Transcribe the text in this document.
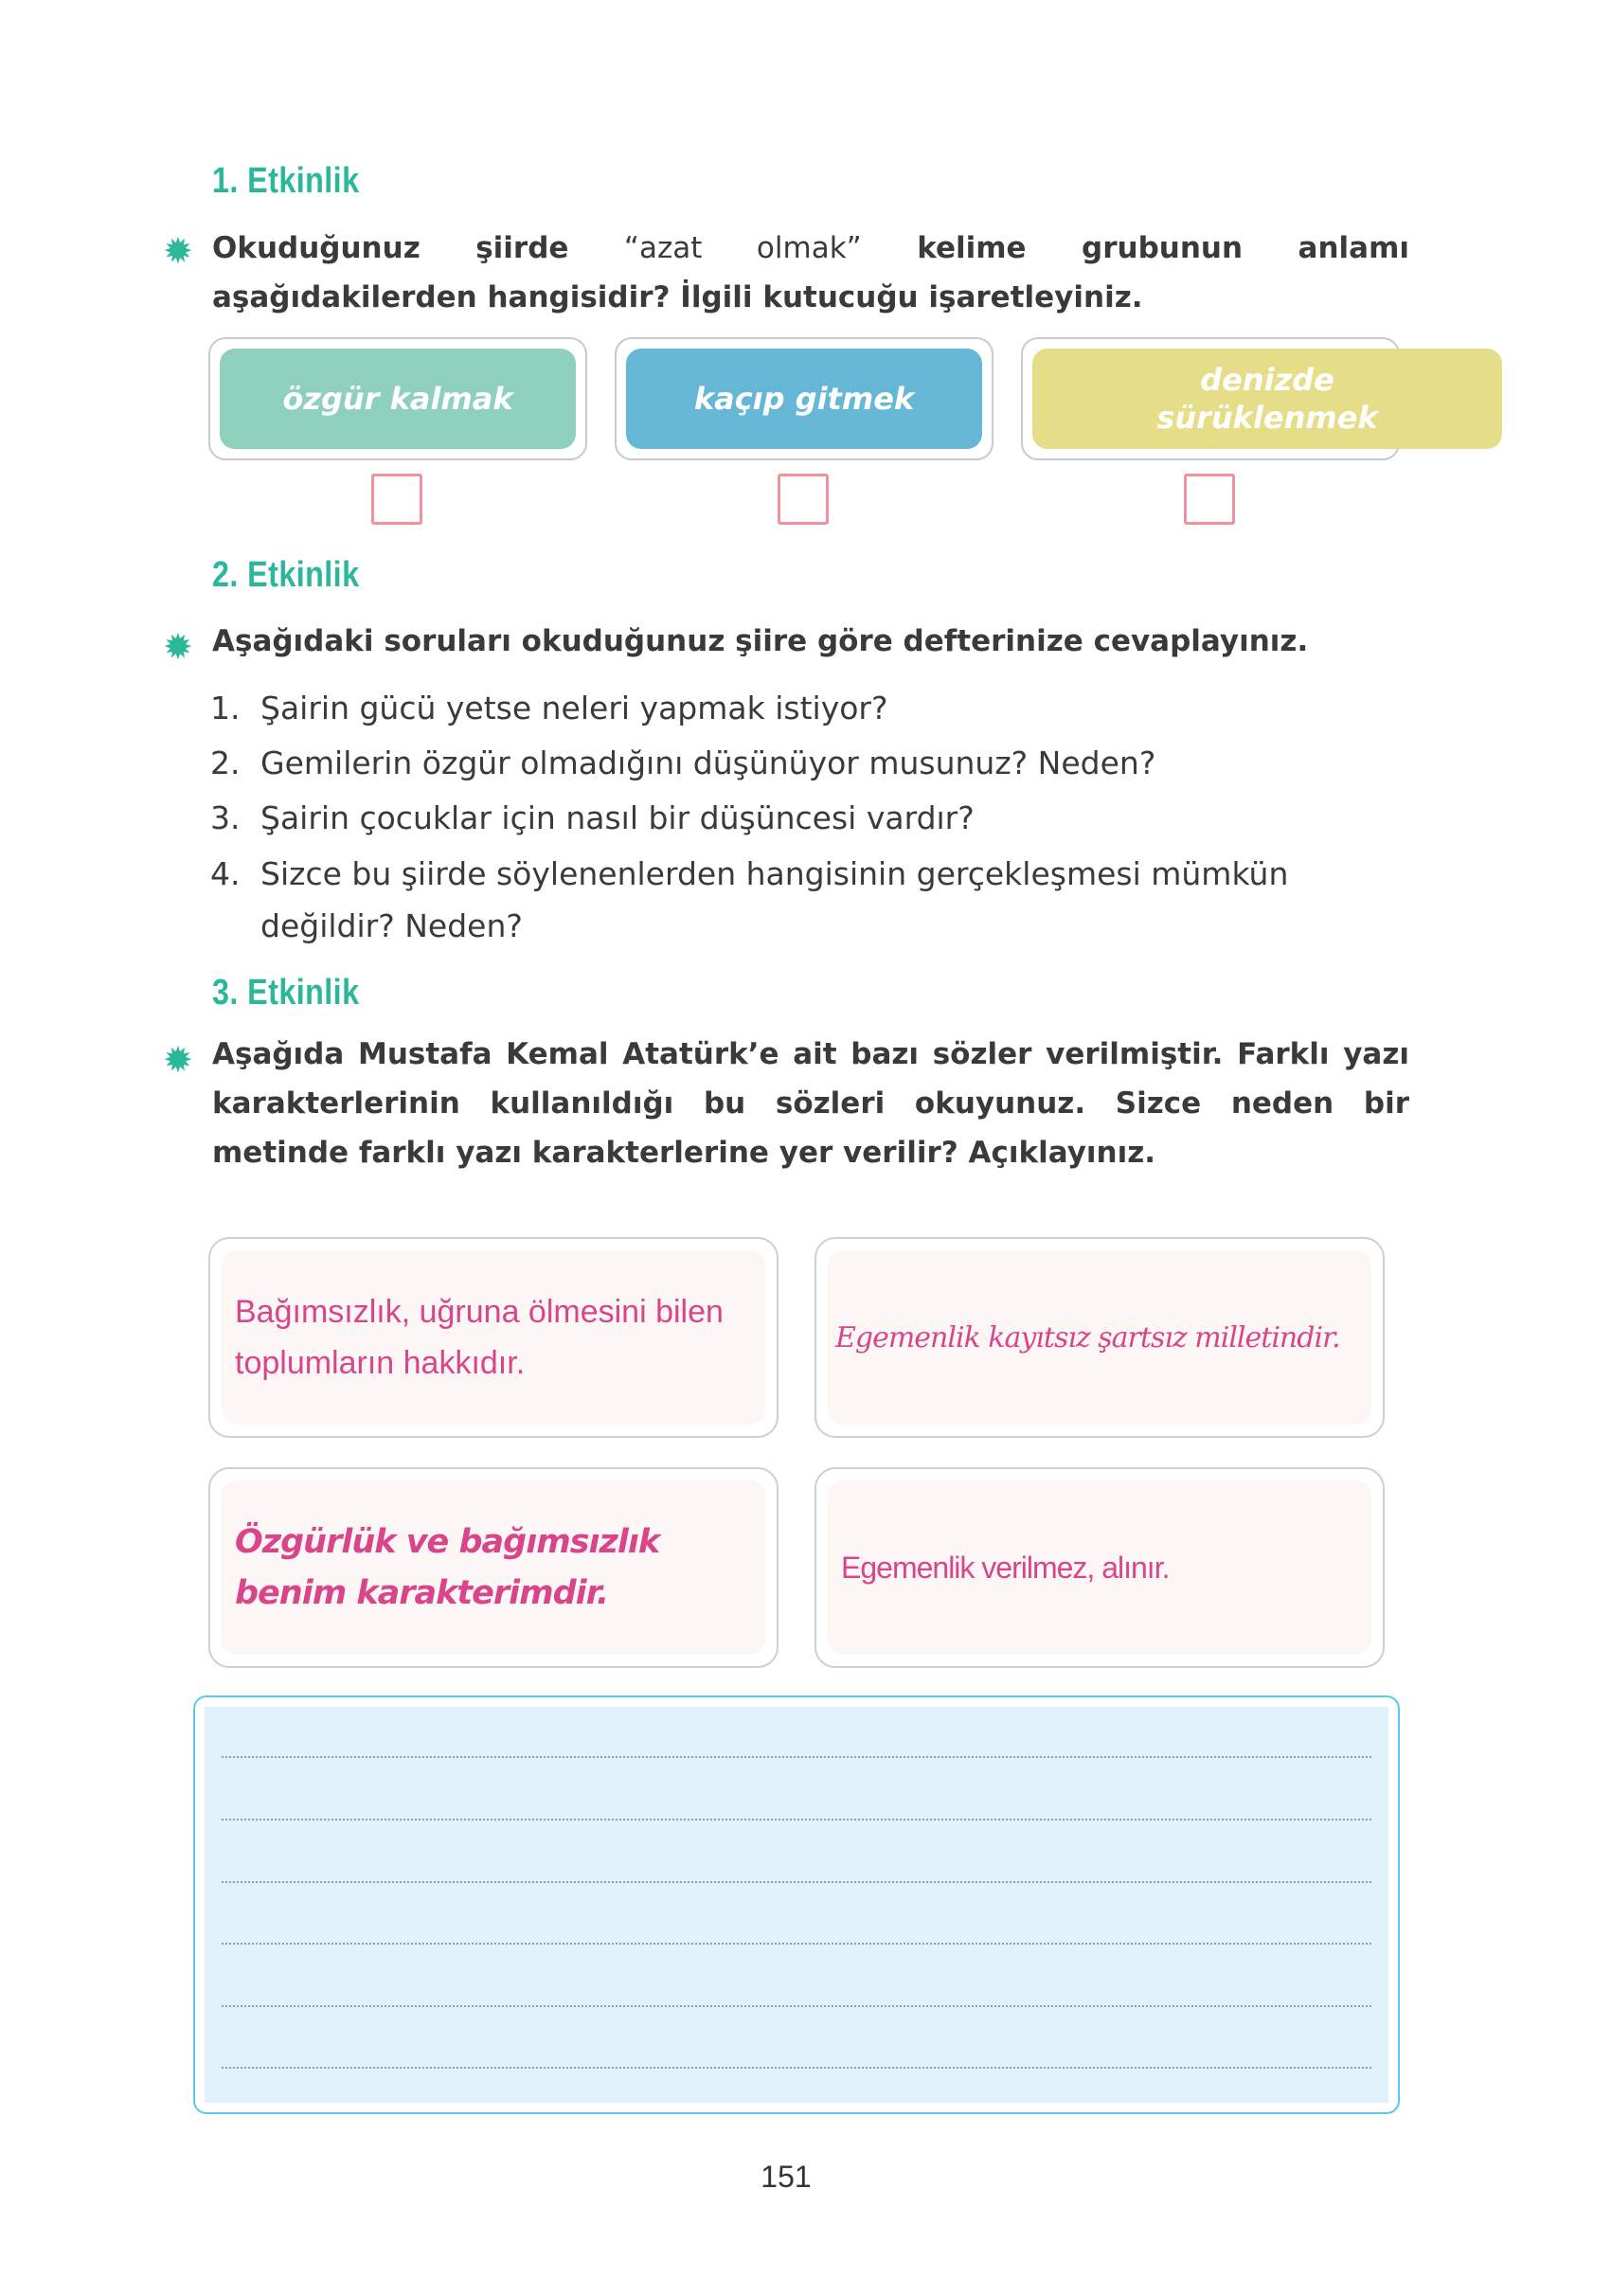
1. Etkinlik
✹ Okuduğunuz şiirde “azat olmak” kelime grubunun anlamı aşağıdakilerden hangisidir? İlgili kutucuğu işaretleyiniz.
özgür kalmak	kaçıp gitmek
denizde sürüklenmek
2. Etkinlik
✹ Aşağıdaki soruları okuduğunuz şiire göre defterinize cevaplayınız.
1. Şairin gücü yetse neleri yapmak istiyor?
2. Gemilerin özgür olmadığını düşünüyor musunuz? Neden?
3. Şairin çocuklar için nasıl bir düşüncesi vardır?
4. Sizce bu şiirde söylenenlerden hangisinin gerçekleşmesi mümkün değildir? Neden?
3. Etkinlik
✹ Aşağıda Mustafa Kemal Atatürk’e ait bazı sözler verilmiştir. Farklı yazı karakterlerinin kullanıldığı bu sözleri okuyunuz. Sizce neden bir metinde farklı yazı karakterlerine yer verilir? Açıklayınız.
Bağımsızlık, uğruna ölmesini bilen toplumların hakkıdır.
Egemenlik kayıtsız şartsız milletindir.
Özgürlük ve bağımsızlık benim karakterimdir.
Egemenlik verilmez, alınır.
151
